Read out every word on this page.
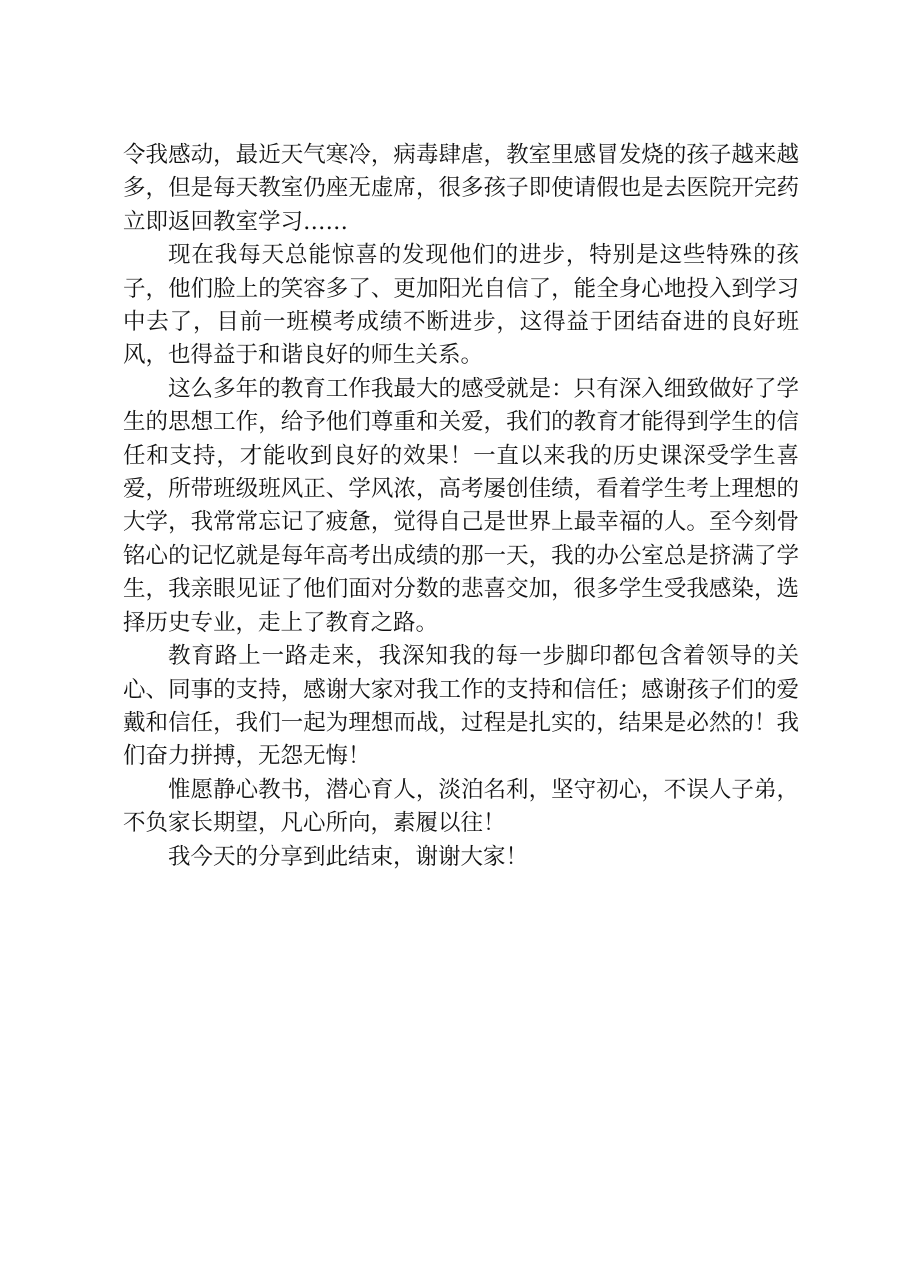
令我感动，最近天气寒冷，病毒肆虐，教室里感冒发烧的孩子越来越多，但是每天教室仍座无虚席，很多孩子即使请假也是去医院开完药立即返回教室学习……

现在我每天总能惊喜的发现他们的进步，特别是这些特殊的孩子，他们脸上的笑容多了、更加阳光自信了，能全身心地投入到学习中去了，目前一班模考成绩不断进步，这得益于团结奋进的良好班风，也得益于和谐良好的师生关系。

这么多年的教育工作我最大的感受就是：只有深入细致做好了学生的思想工作，给予他们尊重和关爱，我们的教育才能得到学生的信任和支持，才能收到良好的效果！一直以来我的历史课深受学生喜爱，所带班级班风正、学风浓，高考屡创佳绩，看着学生考上理想的大学，我常常忘记了疲惫，觉得自己是世界上最幸福的人。至今刻骨铭心的记忆就是每年高考出成绩的那一天，我的办公室总是挤满了学生，我亲眼见证了他们面对分数的悲喜交加，很多学生受我感染，选择历史专业，走上了教育之路。

教育路上一路走来，我深知我的每一步脚印都包含着领导的关心、同事的支持，感谢大家对我工作的支持和信任；感谢孩子们的爱戴和信任，我们一起为理想而战，过程是扎实的，结果是必然的！我们奋力拼搏，无怨无悔！

惟愿静心教书，潜心育人，淡泊名利，坚守初心，不误人子弟，不负家长期望，凡心所向，素履以往！

我今天的分享到此结束，谢谢大家！
